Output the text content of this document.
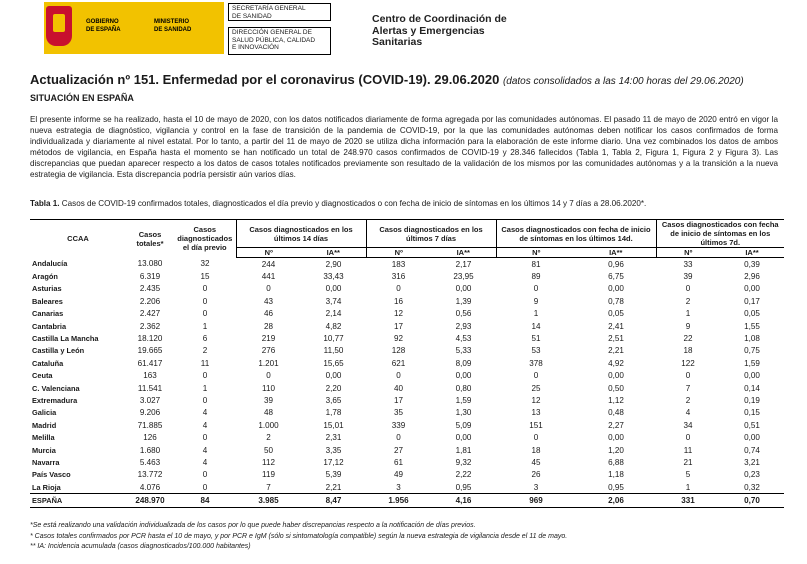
GOBIERNO
DE ESPAÑA
MINISTERIO
DE SANIDAD
SECRETARÍA GENERAL
DE SANIDAD
DIRECCIÓN GENERAL DE
SALUD PÚBLICA, CALIDAD
E INNOVACIÓN
Centro de Coordinación de
Alertas y Emergencias
Sanitarias
Actualización nº 151. Enfermedad por el coronavirus (COVID-19). 29.06.2020 (datos consolidados a las 14:00 horas del 29.06.2020)
SITUACIÓN EN ESPAÑA
El presente informe se ha realizado, hasta el 10 de mayo de 2020, con los datos notificados diariamente de forma agregada por las comunidades autónomas. El pasado 11 de mayo de 2020 entró en vigor la nueva estrategia de diagnóstico, vigilancia y control en la fase de transición de la pandemia de COVID-19, por la que las comunidades autónomas deben notificar los casos confirmados de forma individualizada y diariamente al nivel estatal. Por lo tanto, a partir del 11 de mayo de 2020 se utiliza dicha información para la elaboración de este informe diario. Una vez combinados los datos de ambos métodos de vigilancia, en España hasta el momento se han notificado un total de 248.970 casos confirmados de COVID-19 y 28.346 fallecidos (Tabla 1, Tabla 2, Figura 1, Figura 2 y Figura 3). Las discrepancias que puedan aparecer respecto a los datos de casos totales notificados previamente son resultado de la validación de los mismos por las comunidades autónomas y a la transición a la nueva estrategia de vigilancia. Esta discrepancia podría persistir aún varios días.
Tabla 1. Casos de COVID-19 confirmados totales, diagnosticados el día previo y diagnosticados o con fecha de inicio de síntomas en los últimos 14 y 7 días a 28.06.2020*.
CCAA	Casos totales*	Casos diagnosticados el día previo	Casos diagnosticados en los últimos 14 días		Casos diagnosticados en los últimos 7 días		Casos diagnosticados con fecha de inicio de síntomas en los últimos 14d.		Casos diagnosticados con fecha de inicio de síntomas en los últimos 7d.	
			Nº	IA**	Nº	IA**	Nº	IA**	Nº	IA**
Andalucía	13.080	32	244	2,90	183	2,17	81	0,96	33	0,39
Aragón	6.319	15	441	33,43	316	23,95	89	6,75	39	2,96
Asturias	2.435	0	0	0,00	0	0,00	0	0,00	0	0,00
Baleares	2.206	0	43	3,74	16	1,39	9	0,78	2	0,17
Canarias	2.427	0	46	2,14	12	0,56	1	0,05	1	0,05
Cantabria	2.362	1	28	4,82	17	2,93	14	2,41	9	1,55
Castilla La Mancha	18.120	6	219	10,77	92	4,53	51	2,51	22	1,08
Castilla y León	19.665	2	276	11,50	128	5,33	53	2,21	18	0,75
Cataluña	61.417	11	1.201	15,65	621	8,09	378	4,92	122	1,59
Ceuta	163	0	0	0,00	0	0,00	0	0,00	0	0,00
C. Valenciana	11.541	1	110	2,20	40	0,80	25	0,50	7	0,14
Extremadura	3.027	0	39	3,65	17	1,59	12	1,12	2	0,19
Galicia	9.206	4	48	1,78	35	1,30	13	0,48	4	0,15
Madrid	71.885	4	1.000	15,01	339	5,09	151	2,27	34	0,51
Melilla	126	0	2	2,31	0	0,00	0	0,00	0	0,00
Murcia	1.680	4	50	3,35	27	1,81	18	1,20	11	0,74
Navarra	5.463	4	112	17,12	61	9,32	45	6,88	21	3,21
País Vasco	13.772	0	119	5,39	49	2,22	26	1,18	5	0,23
La Rioja	4.076	0	7	2,21	3	0,95	3	0,95	1	0,32
ESPAÑA	248.970	84	3.985	8,47	1.956	4,16	969	2,06	331	0,70
*Se está realizando una validación individualizada de los casos por lo que puede haber discrepancias respecto a la notificación de días previos.
* Casos totales confirmados por PCR hasta el 10 de mayo, y por PCR e IgM (sólo si sintomatología compatible) según la nueva estrategia de vigilancia desde el 11 de mayo.
** IA: Incidencia acumulada (casos diagnosticados/100.000 habitantes)
